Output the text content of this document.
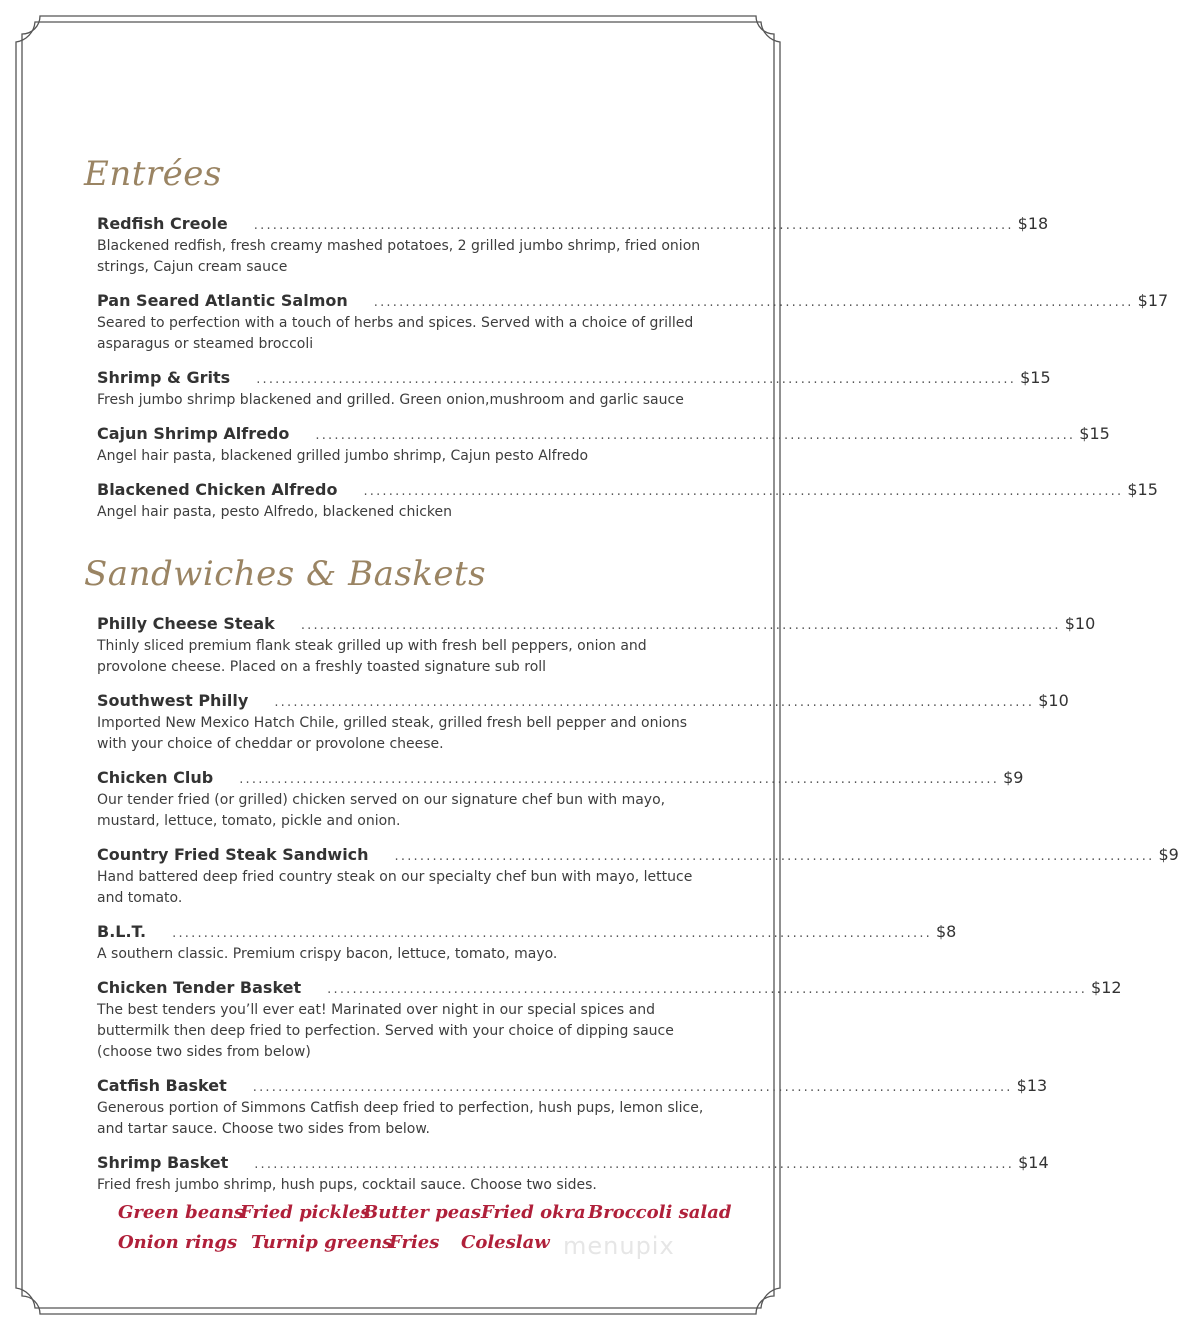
Entrées
Redfish Creole ........................................................................................................................ $18
Blackened redfish, fresh creamy mashed potatoes, 2 grilled jumbo shrimp, fried onion strings, Cajun cream sauce
Pan Seared Atlantic Salmon ........................................................................................................................ $17
Seared to perfection with a touch of herbs and spices. Served with a choice of grilled asparagus or steamed broccoli
Shrimp & Grits ........................................................................................................................ $15
Fresh jumbo shrimp blackened and grilled. Green onion,mushroom and garlic sauce
Cajun Shrimp Alfredo ........................................................................................................................ $15
Angel hair pasta, blackened grilled jumbo shrimp, Cajun pesto Alfredo
Blackened Chicken Alfredo ........................................................................................................................ $15
Angel hair pasta, pesto Alfredo, blackened chicken
Sandwiches & Baskets
Philly Cheese Steak ........................................................................................................................ $10
Thinly sliced premium flank steak grilled up with fresh bell peppers, onion and provolone cheese. Placed on a freshly toasted signature sub roll
Southwest Philly ........................................................................................................................ $10
Imported New Mexico Hatch Chile, grilled steak, grilled fresh bell pepper and onions with your choice of cheddar or provolone cheese.
Chicken Club ........................................................................................................................ $9
Our tender fried (or grilled) chicken served on our signature chef bun with mayo, mustard, lettuce, tomato, pickle and onion.
Country Fried Steak Sandwich ........................................................................................................................ $9
Hand battered deep fried country steak on our specialty chef bun with mayo, lettuce and tomato.
B.L.T. ........................................................................................................................ $8
A southern classic. Premium crispy bacon, lettuce, tomato, mayo.
Chicken Tender Basket ........................................................................................................................ $12
The best tenders you’ll ever eat! Marinated over night in our special spices and buttermilk then deep fried to perfection. Served with your choice of dipping sauce (choose two sides from below)
Catfish Basket ........................................................................................................................ $13
Generous portion of Simmons Catfish deep fried to perfection, hush pups, lemon slice, and tartar sauce. Choose two sides from below.
Shrimp Basket ........................................................................................................................ $14
Fried fresh jumbo shrimp, hush pups, cocktail sauce. Choose two sides.
Green beans
Fried pickles
Butter peas Fried okra Broccoli salad
Onion rings Turnip greens
Fries Coleslaw menupix
